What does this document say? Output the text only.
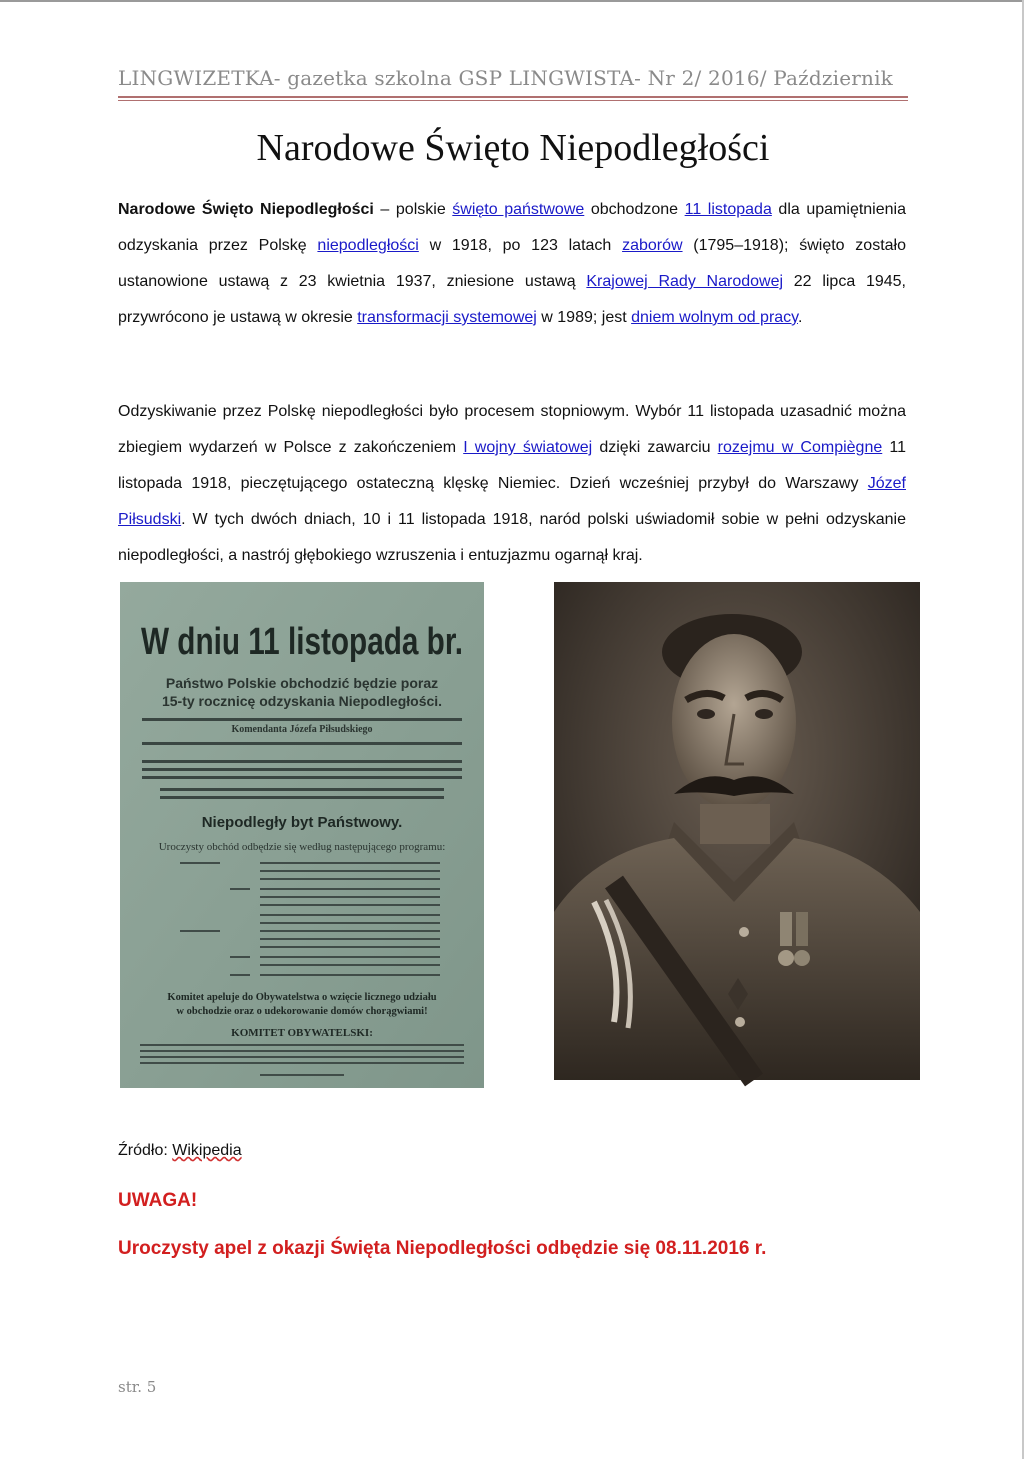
LINGWIZETKA- gazetka szkolna GSP LINGWISTA- Nr 2/ 2016/ Październik
Narodowe Święto Niepodległości
Narodowe Święto Niepodległości – polskie święto państwowe obchodzone 11 listopada dla upamiętnienia odzyskania przez Polskę niepodległości w 1918, po 123 latach zaborów (1795–1918); święto zostało ustanowione ustawą z 23 kwietnia 1937, zniesione ustawą Krajowej Rady Narodowej 22 lipca 1945, przywrócono je ustawą w okresie transformacji systemowej w 1989; jest dniem wolnym od pracy.
Odzyskiwanie przez Polskę niepodległości było procesem stopniowym. Wybór 11 listopada uzasadnić można zbiegiem wydarzeń w Polsce z zakończeniem I wojny światowej dzięki zawarciu rozejmu w Compiègne 11 listopada 1918, pieczętującego ostateczną klęskę Niemiec. Dzień wcześniej przybył do Warszawy Józef Piłsudski. W tych dwóch dniach, 10 i 11 listopada 1918, naród polski uświadomił sobie w pełni odzyskanie niepodległości, a nastrój głębokiego wzruszenia i entuzjazmu ogarnął kraj.
W dniu 11 listopada br.
Państwo Polskie obchodzić będzie poraz
15-ty rocznicę odzyskania Niepodległości.
Komendanta Józefa Piłsudskiego
Niepodległy byt Państwowy.
Uroczysty obchód odbędzie się według następującego programu:
Komitet apeluje do Obywatelstwa o wzięcie licznego udziału
w obchodzie oraz o udekorowanie domów chorągwiami!
KOMITET OBYWATELSKI:
Źródło: Wikipedia
UWAGA!
Uroczysty apel z okazji Święta Niepodległości odbędzie się 08.11.2016 r.
str. 5
